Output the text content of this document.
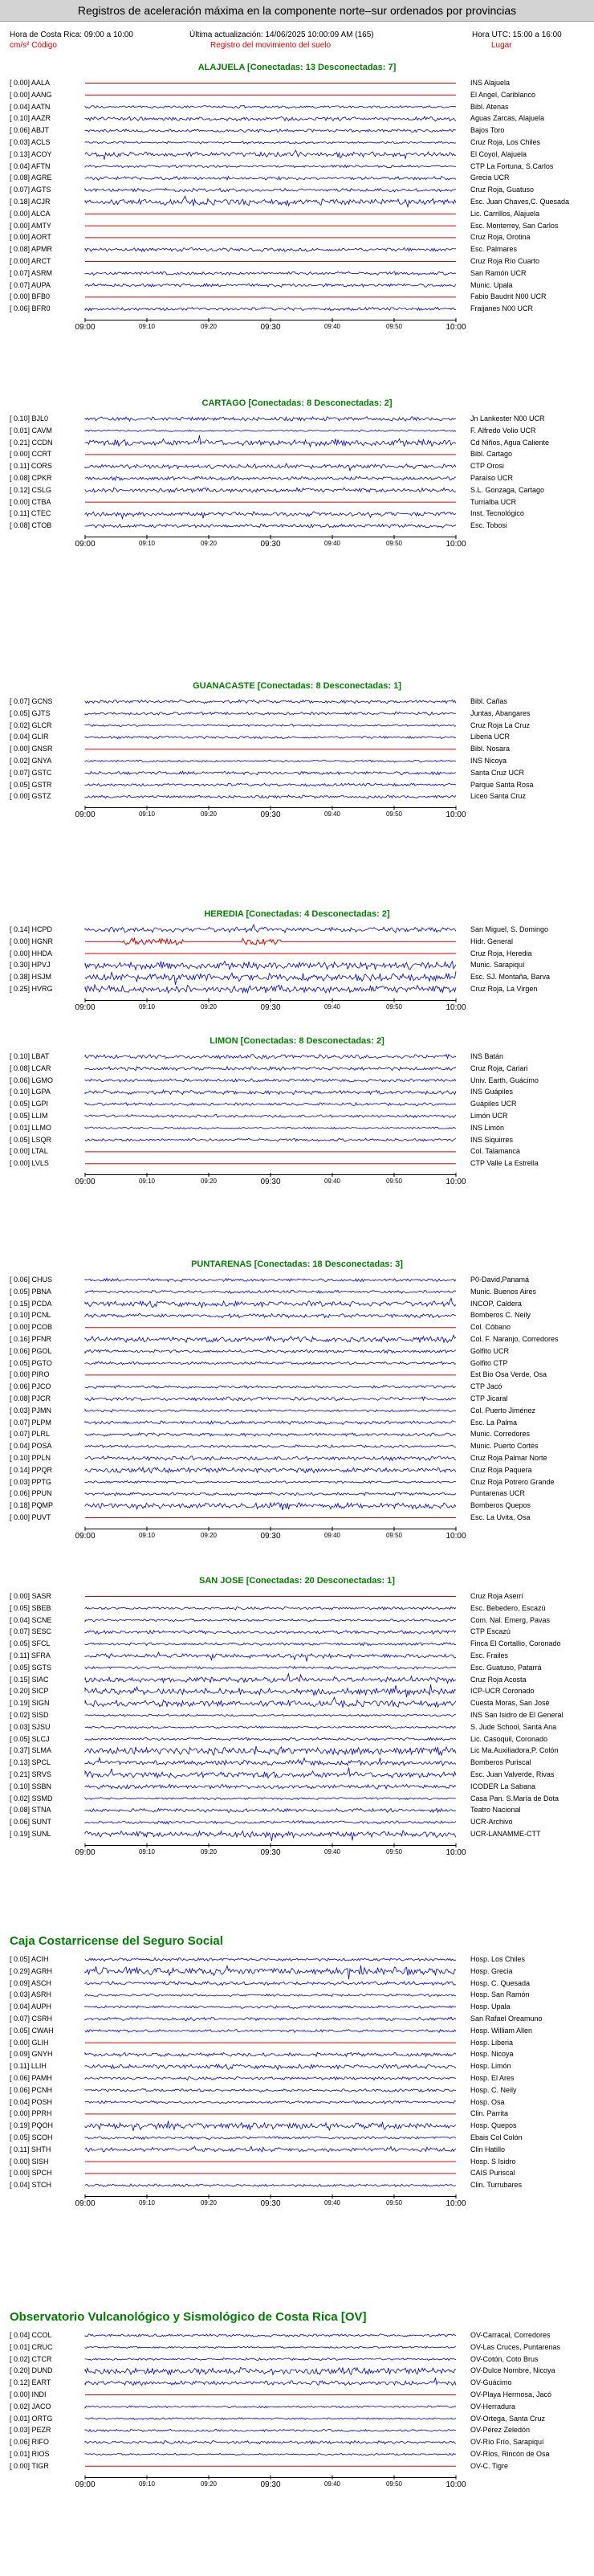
Registros de aceleración máxima en la componente norte–sur ordenados por provincias
Hora de Costa Rica: 09:00 a 10:00	Última actualización: 14/06/2025 10:00:09 AM (165)	Hora UTC: 15:00 a 16:00
cm/s² Código	Registro del movimiento del suelo	Lugar
ALAJUELA [Conectadas: 13 Desconectadas: 7]
[ 0.00] AALA	INS Alajuela
[ 0.00] AANG	El Angel, Cariblanco
[ 0.04] AATN	Bibl. Atenas
[ 0.10] AAZR	Aguas Zarcas, Alajuela
[ 0.06] ABJT	Bajos Toro
[ 0.03] ACLS	Cruz Roja, Los Chiles
[ 0.13] ACOY	El Coyol, Alajuela
[ 0.04] AFTN	CTP La Fortuna, S.Carlos
[ 0.08] AGRE	Grecia UCR
[ 0.07] AGTS	Cruz Roja, Guatuso
[ 0.18] ACJR	Esc. Juan Chaves,C. Quesada
[ 0.00] ALCA	Lic. Carrillos, Alajuela
[ 0.00] AMTY	Esc. Monterrey, San Carlos
[ 0.00] AORT	Cruz Roja, Orotina
[ 0.08] APMR	Esc. Palmares
[ 0.00] ARCT	Cruz Roja Río Cuarto
[ 0.07] ASRM	San Ramón UCR
[ 0.07] AUPA	Munic. Upala
[ 0.00] BFB0	Fabio Baudrit N00 UCR
[ 0.06] BFR0	Fraijanes N00 UCR
09:00	09:10	09:20	09:30	09:40	09:50	10:00
CARTAGO [Conectadas: 8 Desconectadas: 2]
[ 0.10] BJL0	Jn Lankester N00 UCR
[ 0.01] CAVM	F. Alfredo Volio UCR
[ 0.21] CCDN	Cd Niños, Agua Caliente
[ 0.00] CCRT	Bibl. Cartago
[ 0.11] CORS	CTP Orosi
[ 0.08] CPKR	Paraíso UCR
[ 0.12] CSLG	S.L. Gonzaga, Cartago
[ 0.00] CTBA	Turrialba UCR
[ 0.11] CTEC	Inst. Tecnológico
[ 0.08] CTOB	Esc. Tobosi
09:00	09:10	09:20	09:30	09:40	09:50	10:00
GUANACASTE [Conectadas: 8 Desconectadas: 1]
[ 0.07] GCNS	Bibl. Cañas
[ 0.05] GJTS	Juntas, Abangares
[ 0.02] GLCR	Cruz Roja La Cruz
[ 0.04] GLIR	Liberia UCR
[ 0.00] GNSR	Bibl. Nosara
[ 0.02] GNYA	INS Nicoya
[ 0.07] GSTC	Santa Cruz UCR
[ 0.05] GSTR	Parque Santa Rosa
[ 0.00] GSTZ	Liceo Santa Cruz
09:00	09:10	09:20	09:30	09:40	09:50	10:00
HEREDIA [Conectadas: 4 Desconectadas: 2]
[ 0.14] HCPD	San Miguel, S. Domingo
[ 0.00] HGNR	Hidr. General
[ 0.00] HHDA	Cruz Roja, Heredia
[ 0.30] HPVJ	Munic. Sarapiquí
[ 0.38] HSJM	Esc. SJ. Montaña, Barva
[ 0.25] HVRG	Cruz Roja, La Virgen
09:00	09:10	09:20	09:30	09:40	09:50	10:00
LIMON [Conectadas: 8 Desconectadas: 2]
[ 0.10] LBAT	INS Batán
[ 0.08] LCAR	Cruz Roja, Cariari
[ 0.06] LGMO	Univ. Earth, Guácimo
[ 0.10] LGPA	INS Guápiles
[ 0.05] LGPI	Guápiles UCR
[ 0.05] LLIM	Limón UCR
[ 0.01] LLMO	INS Limón
[ 0.05] LSQR	INS Siquirres
[ 0.00] LTAL	Col. Talamanca
[ 0.00] LVLS	CTP Valle La Estrella
09:00	09:10	09:20	09:30	09:40	09:50	10:00
PUNTARENAS [Conectadas: 18 Desconectadas: 3]
[ 0.06] CHUS	P0-David,Panamá
[ 0.05] PBNA	Munic. Buenos Aires
[ 0.15] PCDA	INCOP, Caldera
[ 0.10] PCNL	Bomberos C. Neily
[ 0.00] PCOB	Col. Cóbano
[ 0.16] PFNR	Col. F. Naranjo, Corredores
[ 0.06] PGOL	Golfito UCR
[ 0.05] PGTO	Golfito CTP
[ 0.00] PIRO	Est Bio Osa Verde, Osa
[ 0.06] PJCO	CTP Jacó
[ 0.08] PJCR	CTP Jicaral
[ 0.03] PJMN	Col. Puerto Jiménez
[ 0.07] PLPM	Esc. La Palma
[ 0.07] PLRL	Munic. Corredores
[ 0.04] POSA	Munic. Puerto Cortés
[ 0.10] PPLN	Cruz Roja Palmar Norte
[ 0.14] PPQR	Cruz Roja Paquera
[ 0.03] PPTG	Cruz Roja Potrero Grande
[ 0.06] PPUN	Puntarenas UCR
[ 0.18] PQMP	Bomberos Quepos
[ 0.00] PUVT	Esc. La Uvita, Osa
09:00	09:10	09:20	09:30	09:40	09:50	10:00
SAN JOSE [Conectadas: 20 Desconectadas: 1]
[ 0.00] SASR	Cruz Roja Aserrí
[ 0.05] SBEB	Esc. Bebedero, Escazú
[ 0.04] SCNE	Com. Nal. Emerg, Pavas
[ 0.07] SESC	CTP Escazú
[ 0.05] SFCL	Finca El Cortallio, Coronado
[ 0.11] SFRA	Esc. Frailes
[ 0.05] SGTS	Esc. Guatuso, Patarrá
[ 0.15] SIAC	Cruz Roja Acosta
[ 0.20] SICP	ICP-UCR Coronado
[ 0.19] SIGN	Cuesta Moras, San José
[ 0.02] SISD	INS San Isidro de El General
[ 0.03] SJSU	S. Jude School, Santa Ana
[ 0.05] SLCJ	Lic. Casoquil, Coronado
[ 0.37] SLMA	Lic Ma.Auxiliadora,P. Colón
[ 0.13] SPCL	Bomberos Puriscal
[ 0.21] SRVS	Esc. Juan Valverde, Rivas
[ 0.10] SSBN	ICODER La Sabana
[ 0.02] SSMD	Casa Pan. S.María de Dota
[ 0.08] STNA	Teatro Nacional
[ 0.06] SUNT	UCR-Archivo
[ 0.19] SUNL	UCR-LANAMME-CTT
09:00	09:10	09:20	09:30	09:40	09:50	10:00
Caja Costarricense del Seguro Social
[ 0.05] ACIH	Hosp. Los Chiles
[ 0.29] AGRH	Hosp. Grecia
[ 0.09] ASCH	Hosp. C. Quesada
[ 0.03] ASRH	Hosp. San Ramón
[ 0.04] AUPH	Hosp. Upala
[ 0.07] CSRH	San Rafael Oreamuno
[ 0.05] CWAH	Hosp. William Allen
[ 0.00] GLIH	Hosp. Liberia
[ 0.09] GNYH	Hosp. Nicoya
[ 0.11] LLIH	Hosp. Limón
[ 0.06] PAMH	Hosp. El Ares
[ 0.06] PCNH	Hosp. C. Neily
[ 0.04] POSH	Hosp. Osa
[ 0.00] PPRH	Clin. Parrita
[ 0.19] PQOH	Hosp. Quepos
[ 0.05] SCOH	Ebais Col Colón
[ 0.11] SHTH	Clin Hatillo
[ 0.00] SISH	Hosp. S Isidro
[ 0.00] SPCH	CAIS Puriscal
[ 0.04] STCH	Clin. Turrubares
09:00	09:10	09:20	09:30	09:40	09:50	10:00
Observatorio Vulcanológico y Sismológico de Costa Rica [OV]
[ 0.04] CCOL	OV-Carracal, Corredores
[ 0.01] CRUC	OV-Las Cruces, Puntarenas
[ 0.02] CTCR	OV-Cotón, Coto Brus
[ 0.20] DUND	OV-Dulce Nombre, Nicoya
[ 0.12] EART	OV-Guácimo
[ 0.00] INDI	OV-Playa Hermosa, Jacó
[ 0.02] JACO	OV-Herradura
[ 0.01] ORTG	OV-Ortega, Santa Cruz
[ 0.03] PEZR	OV-Pérez Zeledón
[ 0.06] RIFO	OV-Río Frío, Sarapiquí
[ 0.01] RIOS	OV-Ríos, Rincón de Osa
[ 0.00] TIGR	OV-C. Tigre
09:00	09:10	09:20	09:30	09:40	09:50	10:00
